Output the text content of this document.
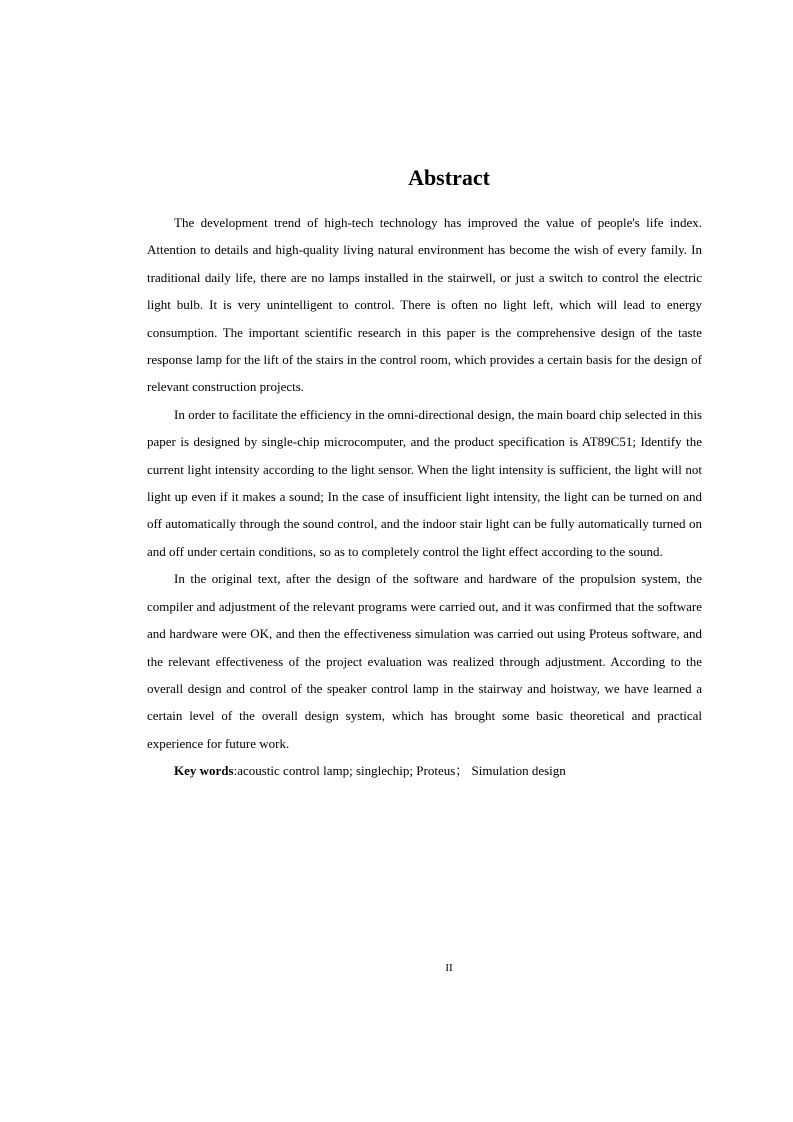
Abstract

The development trend of high-tech technology has improved the value of people's life index. Attention to details and high-quality living natural environment has become the wish of every family. In traditional daily life, there are no lamps installed in the stairwell, or just a switch to control the electric light bulb. It is very unintelligent to control. There is often no light left, which will lead to energy consumption. The important scientific research in this paper is the comprehensive design of the taste response lamp for the lift of the stairs in the control room, which provides a certain basis for the design of relevant construction projects.

In order to facilitate the efficiency in the omni-directional design, the main board chip selected in this paper is designed by single-chip microcomputer, and the product specification is AT89C51; Identify the current light intensity according to the light sensor. When the light intensity is sufficient, the light will not light up even if it makes a sound; In the case of insufficient light intensity, the light can be turned on and off automatically through the sound control, and the indoor stair light can be fully automatically turned on and off under certain conditions, so as to completely control the light effect according to the sound.

In the original text, after the design of the software and hardware of the propulsion system, the compiler and adjustment of the relevant programs were carried out, and it was confirmed that the software and hardware were OK, and then the effectiveness simulation was carried out using Proteus software, and the relevant effectiveness of the project evaluation was realized through adjustment. According to the overall design and control of the speaker control lamp in the stairway and hoistway, we have learned a certain level of the overall design system, which has brought some basic theoretical and practical experience for future work.

Key words:acoustic control lamp; singlechip; Proteus； Simulation design

II
